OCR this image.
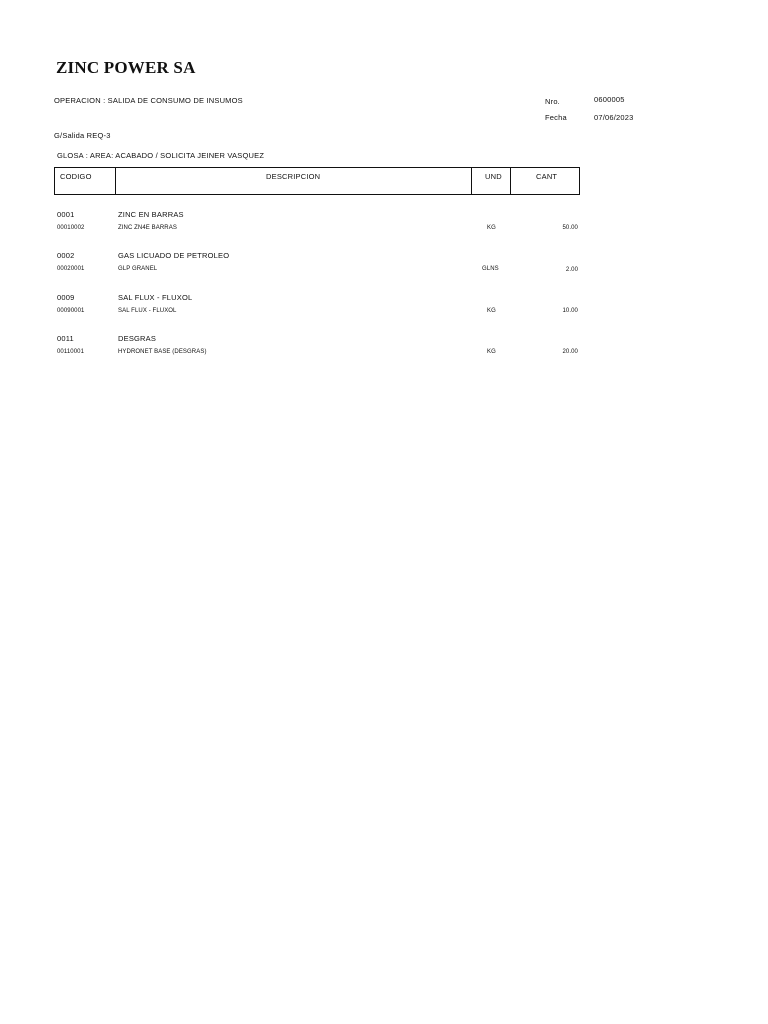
ZINC POWER SA
OPERACION : SALIDA DE CONSUMO DE INSUMOS	Nro.	0600005
Fecha	07/06/2023
G/Salida REQ-3
GLOSA : AREA: ACABADO / SOLICITA JEINER VASQUEZ
CODIGO	DESCRIPCION	UND	CANT
0001	ZINC EN BARRAS
00010002	ZINC ZN4E BARRAS	KG	50.00
0002	GAS LICUADO DE PETROLEO
00020001	GLP GRANEL	GLNS	2.00
0009	SAL FLUX - FLUXOL
00090001	SAL FLUX - FLUXOL	KG	10.00
0011	DESGRAS
00110001	HYDRONET BASE (DESGRAS)	KG	20.00
